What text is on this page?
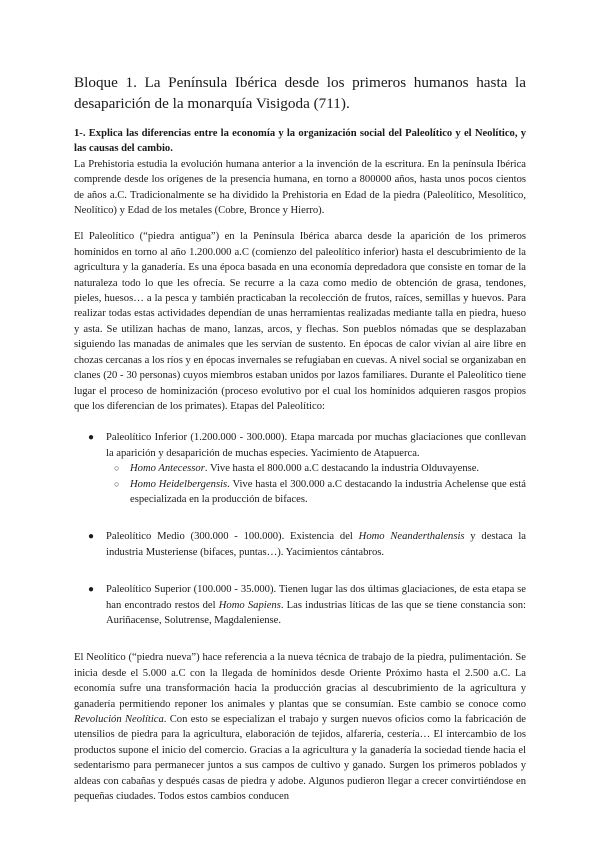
Bloque 1. La Península Ibérica desde los primeros humanos hasta la desaparición de la monarquía Visigoda (711).

1-. Explica las diferencias entre la economía y la organización social del Paleolítico y el Neolítico, y las causas del cambio.

La Prehistoria estudia la evolución humana anterior a la invención de la escritura. En la península Ibérica comprende desde los orígenes de la presencia humana, en torno a 800000 años, hasta unos pocos cientos de años a.C. Tradicionalmente se ha dividido la Prehistoria en Edad de la piedra (Paleolítico, Mesolítico, Neolítico) y Edad de los metales (Cobre, Bronce y Hierro).

El Paleolítico (“piedra antigua”) en la Península Ibérica abarca desde la aparición de los primeros homínidos en torno al año 1.200.000 a.C (comienzo del paleolítico inferior) hasta el descubrimiento de la agricultura y la ganadería. Es una época basada en una economía depredadora que consiste en tomar de la naturaleza todo lo que les ofrecía. Se recurre a la caza como medio de obtención de grasa, tendones, pieles, huesos… a la pesca y también practicaban la recolección de frutos, raíces, semillas y huevos. Para realizar todas estas actividades dependían de unas herramientas realizadas mediante talla en piedra, hueso y asta. Se utilizan hachas de mano, lanzas, arcos, y flechas. Son pueblos nómadas que se desplazaban siguiendo las manadas de animales que les servían de sustento. En épocas de calor vivían al aire libre en chozas cercanas a los ríos y en épocas invernales se refugiaban en cuevas. A nivel social se organizaban en clanes (20 - 30 personas) cuyos miembros estaban unidos por lazos familiares. Durante el Paleolítico tiene lugar el proceso de hominización (proceso evolutivo por el cual los homínidos adquieren rasgos propios que los diferencian de los primates). Etapas del Paleolítico:

● Paleolítico Inferior (1.200.000 - 300.000). Etapa marcada por muchas glaciaciones que conllevan la aparición y desaparición de muchas especies. Yacimiento de Atapuerca.
○ Homo Antecessor. Vive hasta el 800.000 a.C destacando la industria Olduvayense.
○ Homo Heidelbergensis. Vive hasta el 300.000 a.C destacando la industria Achelense que está especializada en la producción de bifaces.
● Paleolítico Medio (300.000 - 100.000). Existencia del Homo Neanderthalensis y destaca la industria Musteriense (bifaces, puntas…). Yacimientos cántabros.
● Paleolítico Superior (100.000 - 35.000). Tienen lugar las dos últimas glaciaciones, de esta etapa se han encontrado restos del Homo Sapiens. Las industrias líticas de las que se tiene constancia son: Auriñacense, Solutrense, Magdaleniense.

El Neolítico (“piedra nueva”) hace referencia a la nueva técnica de trabajo de la piedra, pulimentación. Se inicia desde el 5.000 a.C con la llegada de homínidos desde Oriente Próximo hasta el 2.500 a.C. La economía sufre una transformación hacia la producción gracias al descubrimiento de la agricultura y ganadería permitiendo reponer los animales y plantas que se consumían. Este cambio se conoce como Revolución Neolítica. Con esto se especializan el trabajo y surgen nuevos oficios como la fabricación de utensilios de piedra para la agricultura, elaboración de tejidos, alfarería, cestería… El intercambio de los productos supone el inicio del comercio. Gracias a la agricultura y la ganadería la sociedad tiende hacia el sedentarismo para permanecer juntos a sus campos de cultivo y ganado. Surgen los primeros poblados y aldeas con cabañas y después casas de piedra y adobe. Algunos pudieron llegar a crecer convirtiéndose en pequeñas ciudades. Todos estos cambios conducen
